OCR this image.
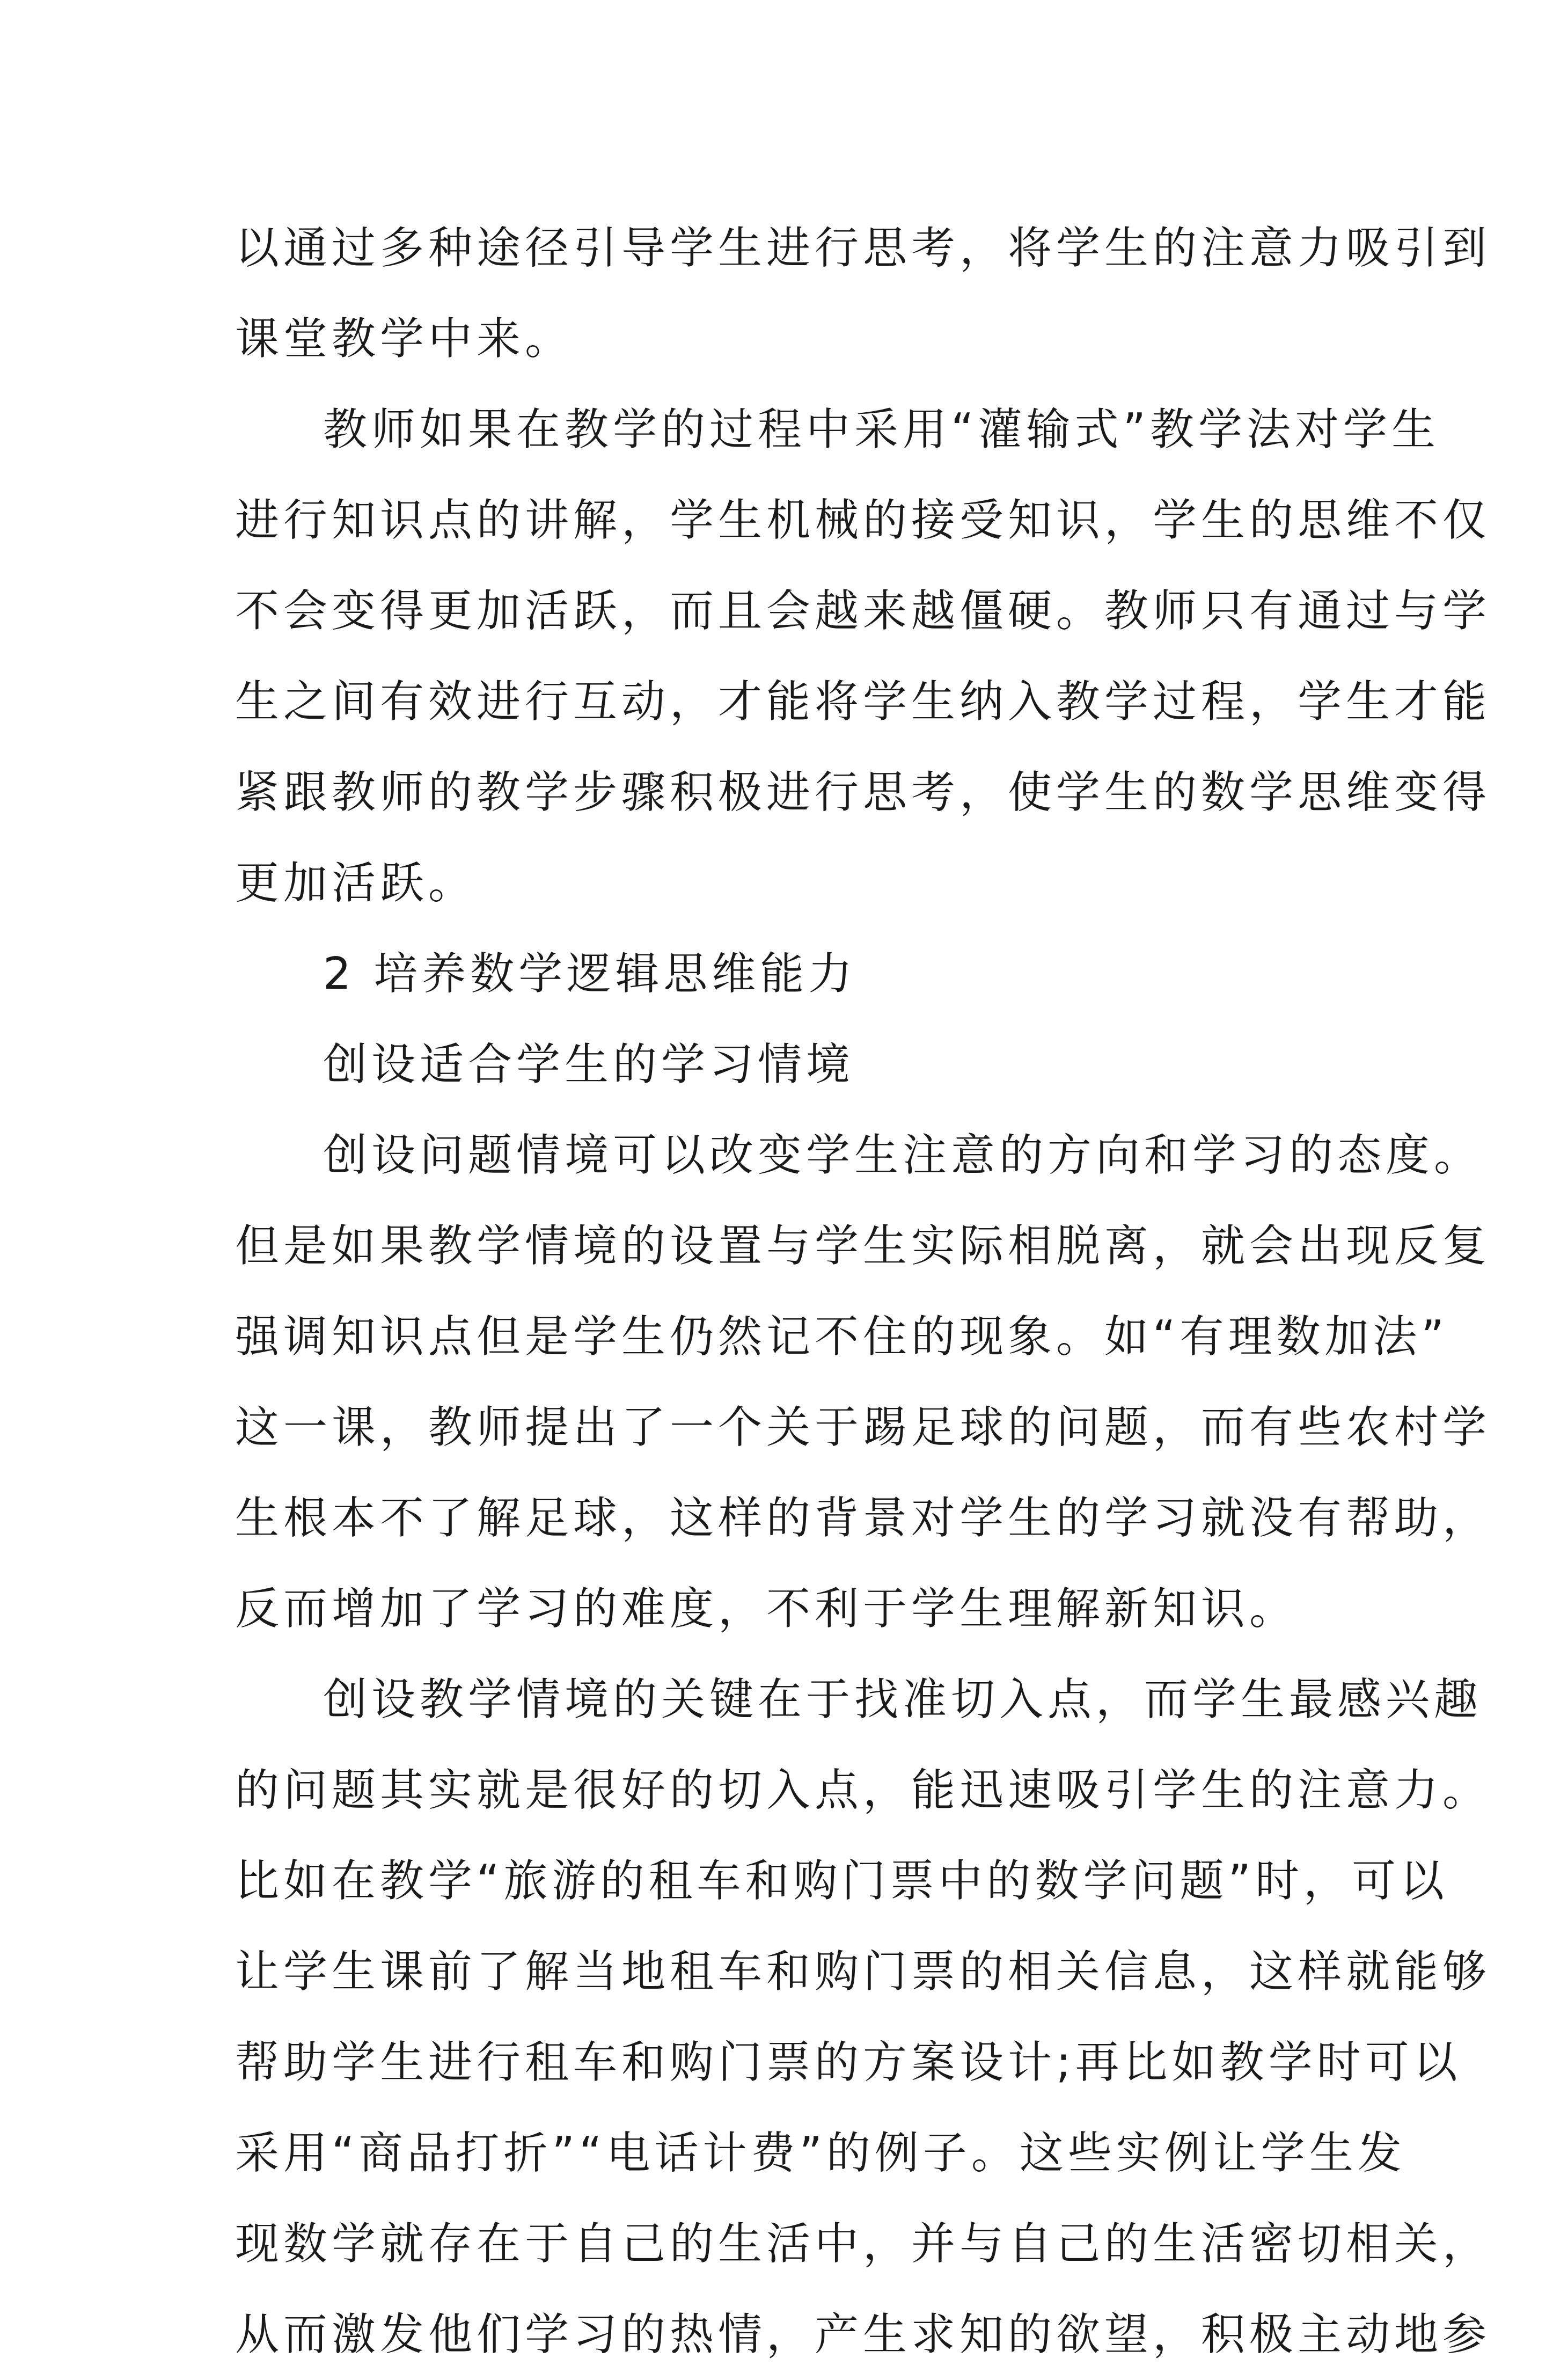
以通过多种途径引导学生进行思考，将学生的注意力吸引到
课堂教学中来。
教师如果在教学的过程中采用“灌输式”教学法对学生
进行知识点的讲解，学生机械的接受知识，学生的思维不仅
不会变得更加活跃，而且会越来越僵硬。教师只有通过与学
生之间有效进行互动，才能将学生纳入教学过程，学生才能
紧跟教师的教学步骤积极进行思考，使学生的数学思维变得
更加活跃。
2 培养数学逻辑思维能力
创设适合学生的学习情境
创设问题情境可以改变学生注意的方向和学习的态度。
但是如果教学情境的设置与学生实际相脱离，就会出现反复
强调知识点但是学生仍然记不住的现象。如“有理数加法”
这一课，教师提出了一个关于踢足球的问题，而有些农村学
生根本不了解足球，这样的背景对学生的学习就没有帮助，
反而增加了学习的难度，不利于学生理解新知识。
创设教学情境的关键在于找准切入点，而学生最感兴趣
的问题其实就是很好的切入点，能迅速吸引学生的注意力。
比如在教学“旅游的租车和购门票中的数学问题”时，可以
让学生课前了解当地租车和购门票的相关信息，这样就能够
帮助学生进行租车和购门票的方案设计;再比如教学时可以
采用“商品打折”“电话计费”的例子。这些实例让学生发
现数学就存在于自己的生活中，并与自己的生活密切相关，
从而激发他们学习的热情，产生求知的欲望，积极主动地参
